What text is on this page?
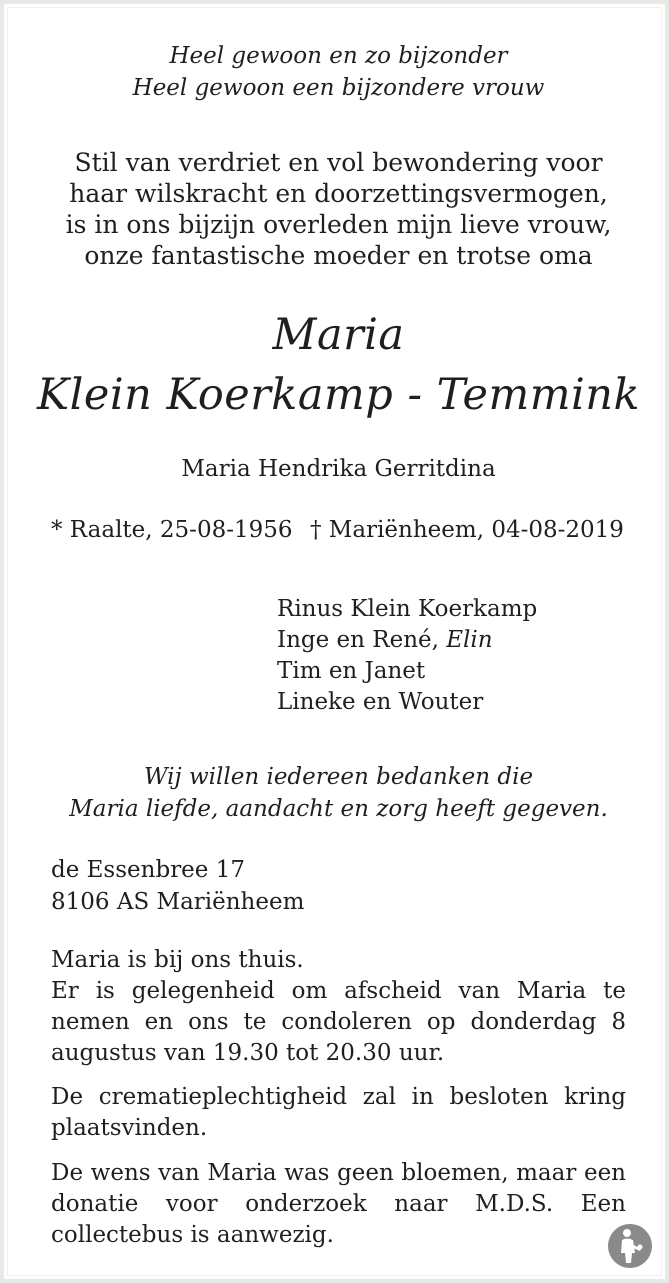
Heel gewoon en zo bijzonder
Heel gewoon een bijzondere vrouw
Stil van verdriet en vol bewondering voor
haar wilskracht en doorzettingsvermogen,
is in ons bijzijn overleden mijn lieve vrouw,
onze fantastische moeder en trotse oma
Maria
Klein Koerkamp - Temmink
Maria Hendrika Gerritdina
* Raalte, 25-08-1956 † Mariënheem, 04-08-2019
Rinus Klein Koerkamp
Inge en René, Elin
Tim en Janet
Lineke en Wouter
Wij willen iedereen bedanken die
Maria liefde, aandacht en zorg heeft gegeven.
de Essenbree 17
8106 AS Mariënheem
Maria is bij ons thuis.
Er is gelegenheid om afscheid van Maria te nemen en ons te condoleren op donderdag 8 augustus van 19.30 tot 20.30 uur.
De crematieplechtigheid zal in besloten kring plaatsvinden.
De wens van Maria was geen bloemen, maar een donatie voor onderzoek naar M.D.S. Een collectebus is aanwezig.
